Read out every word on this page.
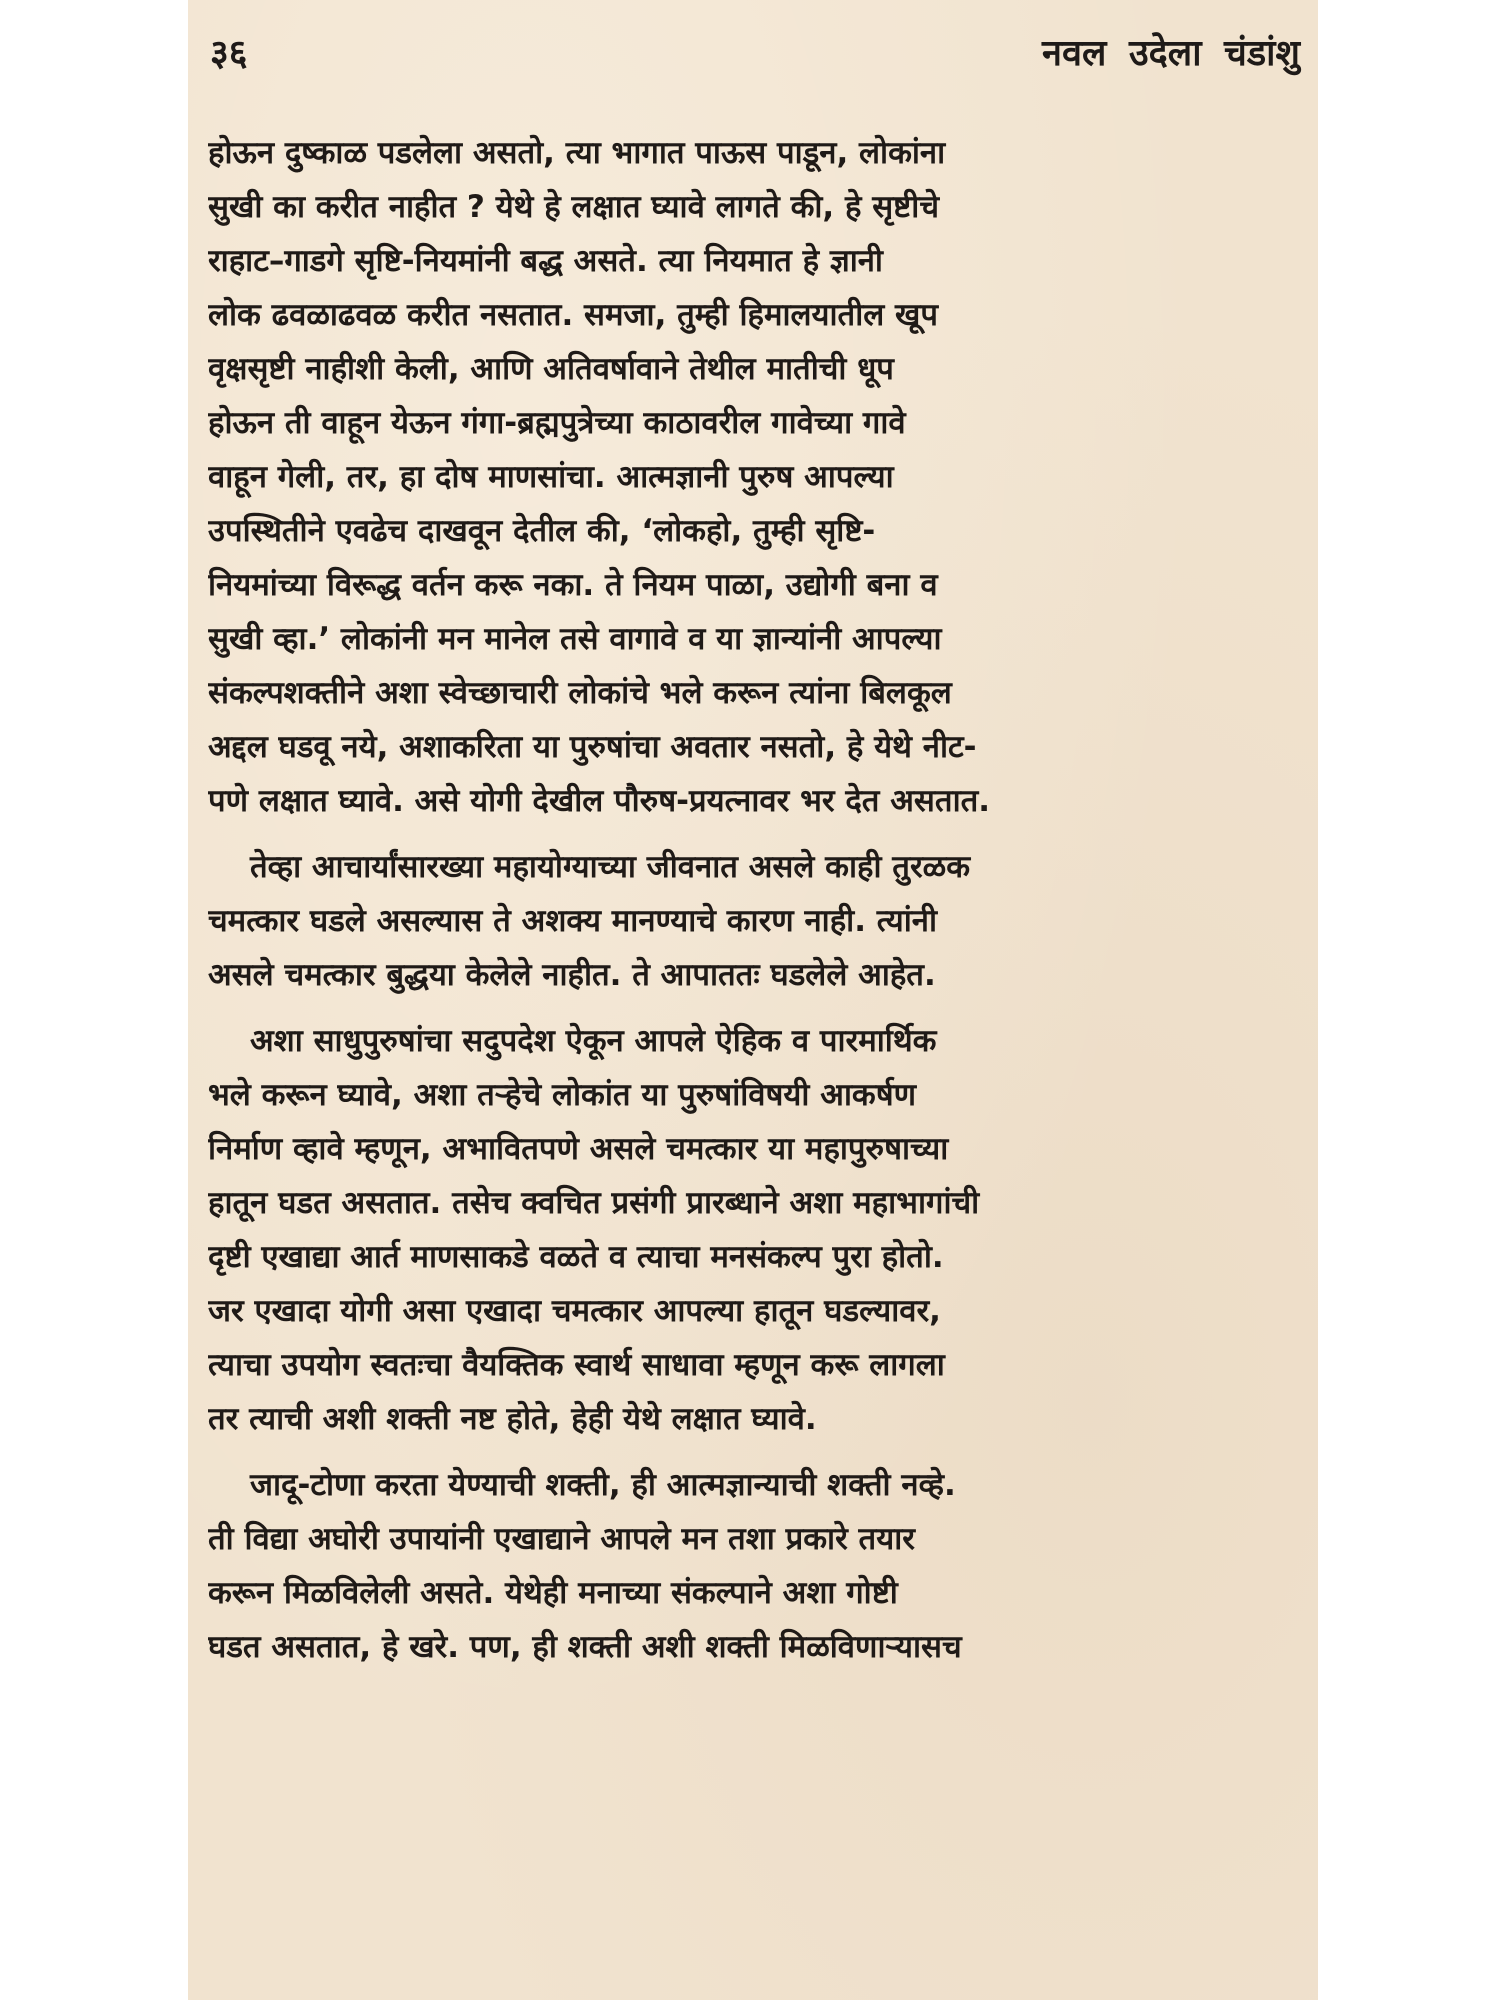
३६	नवल उदेला चंडांशु
होऊन दुष्काळ पडलेला असतो, त्या भागात पाऊस पाडून, लोकांना
सुखी का करीत नाहीत ? येथे हे लक्षात घ्यावे लागते की, हे सृष्टीचे
राहाट–गाडगे सृष्टि-नियमांनी बद्ध असते. त्या नियमात हे ज्ञानी
लोक ढवळाढवळ करीत नसतात. समजा, तुम्ही हिमालयातील खूप
वृक्षसृष्टी नाहीशी केली, आणि अतिवर्षावाने तेथील मातीची धूप
होऊन ती वाहून येऊन गंगा-ब्रह्मपुत्रेच्या काठावरील गावेच्या गावे
वाहून गेली, तर, हा दोष माणसांचा. आत्मज्ञानी पुरुष आपल्या
उपस्थितीने एवढेच दाखवून देतील की, ‘लोकहो, तुम्ही सृष्टि-
नियमांच्या विरूद्ध वर्तन करू नका. ते नियम पाळा, उद्योगी बना व
सुखी व्हा.’ लोकांनी मन मानेल तसे वागावे व या ज्ञान्यांनी आपल्या
संकल्पशक्तीने अशा स्वेच्छाचारी लोकांचे भले करून त्यांना बिलकूल
अद्दल घडवू नये, अशाकरिता या पुरुषांचा अवतार नसतो, हे येथे नीट-
पणे लक्षात घ्यावे. असे योगी देखील पौरुष-प्रयत्नावर भर देत असतात.
तेव्हा आचार्यांसारख्या महायोग्याच्या जीवनात असले काही तुरळक
चमत्कार घडले असल्यास ते अशक्य मानण्याचे कारण नाही. त्यांनी
असले चमत्कार बुद्धया केलेले नाहीत. ते आपाततः घडलेले आहेत.
अशा साधुपुरुषांचा सदुपदेश ऐकून आपले ऐहिक व पारमार्थिक
भले करून घ्यावे, अशा तऱ्हेचे लोकांत या पुरुषांविषयी आकर्षण
निर्माण व्हावे म्हणून, अभावितपणे असले चमत्कार या महापुरुषाच्या
हातून घडत असतात. तसेच क्वचित प्रसंगी प्रारब्धाने अशा महाभागांची
दृष्टी एखाद्या आर्त माणसाकडे वळते व त्याचा मनसंकल्प पुरा होतो.
जर एखादा योगी असा एखादा चमत्कार आपल्या हातून घडल्यावर,
त्याचा उपयोग स्वतःचा वैयक्तिक स्वार्थ साधावा म्हणून करू लागला
तर त्याची अशी शक्ती नष्ट होते, हेही येथे लक्षात घ्यावे.
जादू-टोणा करता येण्याची शक्ती, ही आत्मज्ञान्याची शक्ती नव्हे.
ती विद्या अघोरी उपायांनी एखाद्याने आपले मन तशा प्रकारे तयार
करून मिळविलेली असते. येथेही मनाच्या संकल्पाने अशा गोष्टी
घडत असतात, हे खरे. पण, ही शक्ती अशी शक्ती मिळविणाऱ्यासच
